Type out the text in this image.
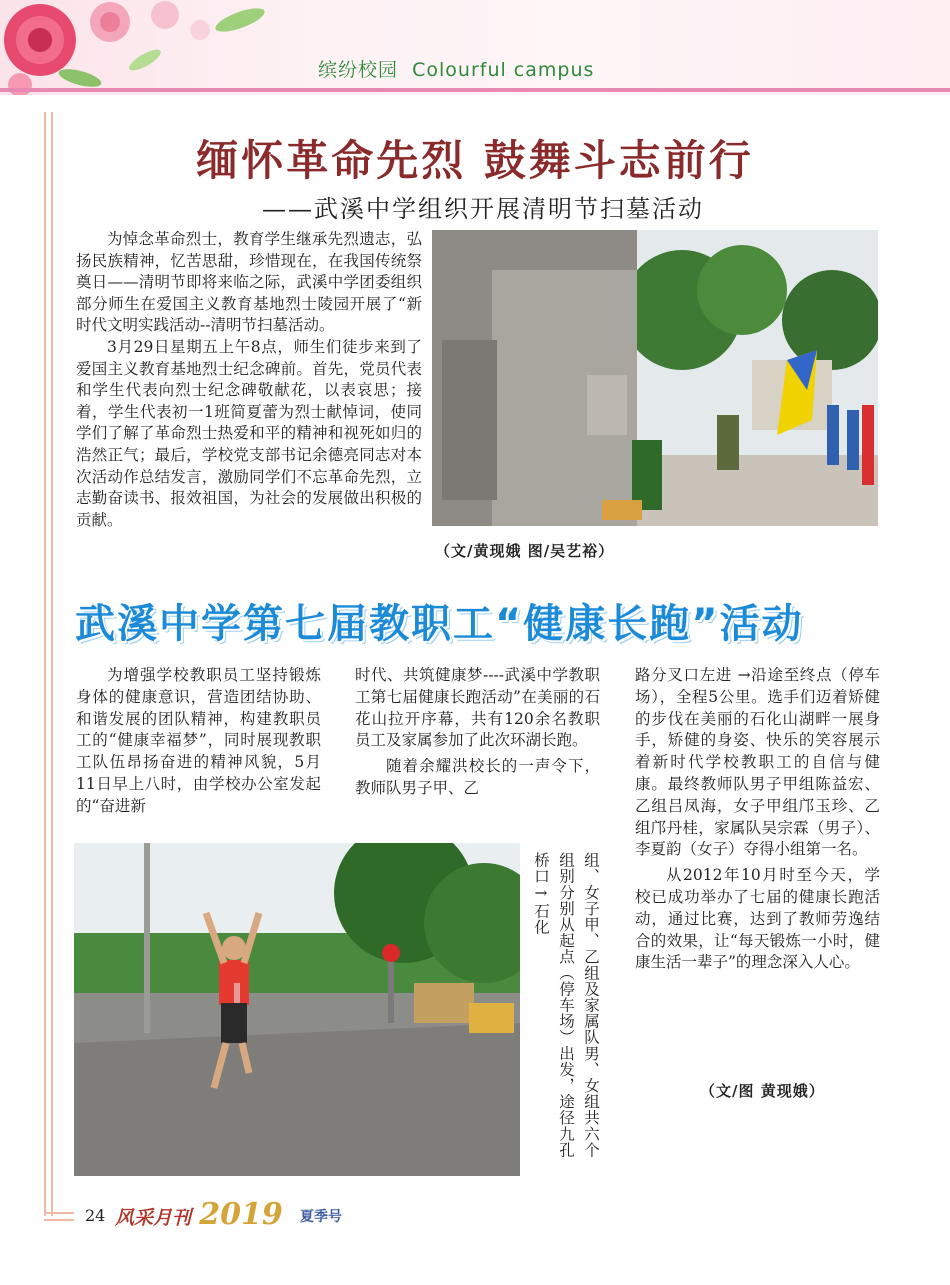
缤纷校园 Colourful campus
缅怀革命先烈 鼓舞斗志前行
——武溪中学组织开展清明节扫墓活动

为悼念革命烈士，教育学生继承先烈遗志，弘扬民族精神，忆苦思甜，珍惜现在，在我国传统祭奠日——清明节即将来临之际，武溪中学团委组织部分师生在爱国主义教育基地烈士陵园开展了“新时代文明实践活动--清明节扫墓活动。

3月29日星期五上午8点，师生们徒步来到了爱国主义教育基地烈士纪念碑前。首先，党员代表和学生代表向烈士纪念碑敬献花，以表哀思；接着，学生代表初一1班简夏蕾为烈士献悼词，使同学们了解了革命烈士热爱和平的精神和视死如归的浩然正气；最后，学校党支部书记余德亮同志对本次活动作总结发言，激励同学们不忘革命先烈，立志勤奋读书、报效祖国，为社会的发展做出积极的贡献。

（文/黄现娥 图/吴艺裕）
武溪中学第七届教职工“健康长跑”活动

为增强学校教职员工坚持锻炼身体的健康意识，营造团结协助、和谐发展的团队精神，构建教职员工的“健康幸福梦”，同时展现教职工队伍昂扬奋进的精神风貌，5月11日早上八时，由学校办公室发起的“奋进新

时代、共筑健康梦----武溪中学教职工第七届健康长跑活动”在美丽的石花山拉开序幕，共有120余名教职员工及家属参加了此次环湖长跑。

随着余耀洪校长的一声令下，教师队男子甲、乙

组、女子甲、乙组及家属队男、女组共六个组别分别从起点（停车场）出发，途径九孔桥口→石化

路分叉口左进 →沿途至终点（停车场），全程5公里。选手们迈着矫健的步伐在美丽的石化山湖畔一展身手，矫健的身姿、快乐的笑容展示着新时代学校教职工的自信与健康。最终教师队男子甲组陈益宏、乙组吕凤海，女子甲组邝玉珍、乙组邝丹桂，家属队吴宗霖（男子）、李夏韵（女子）夺得小组第一名。

从2012年10月时至今天，学校已成功举办了七届的健康长跑活动，通过比赛，达到了教师劳逸结合的效果，让“每天锻炼一小时，健康生活一辈子”的理念深入人心。

（文/图 黄现娥）
24 风采月刊 2019 夏季号
